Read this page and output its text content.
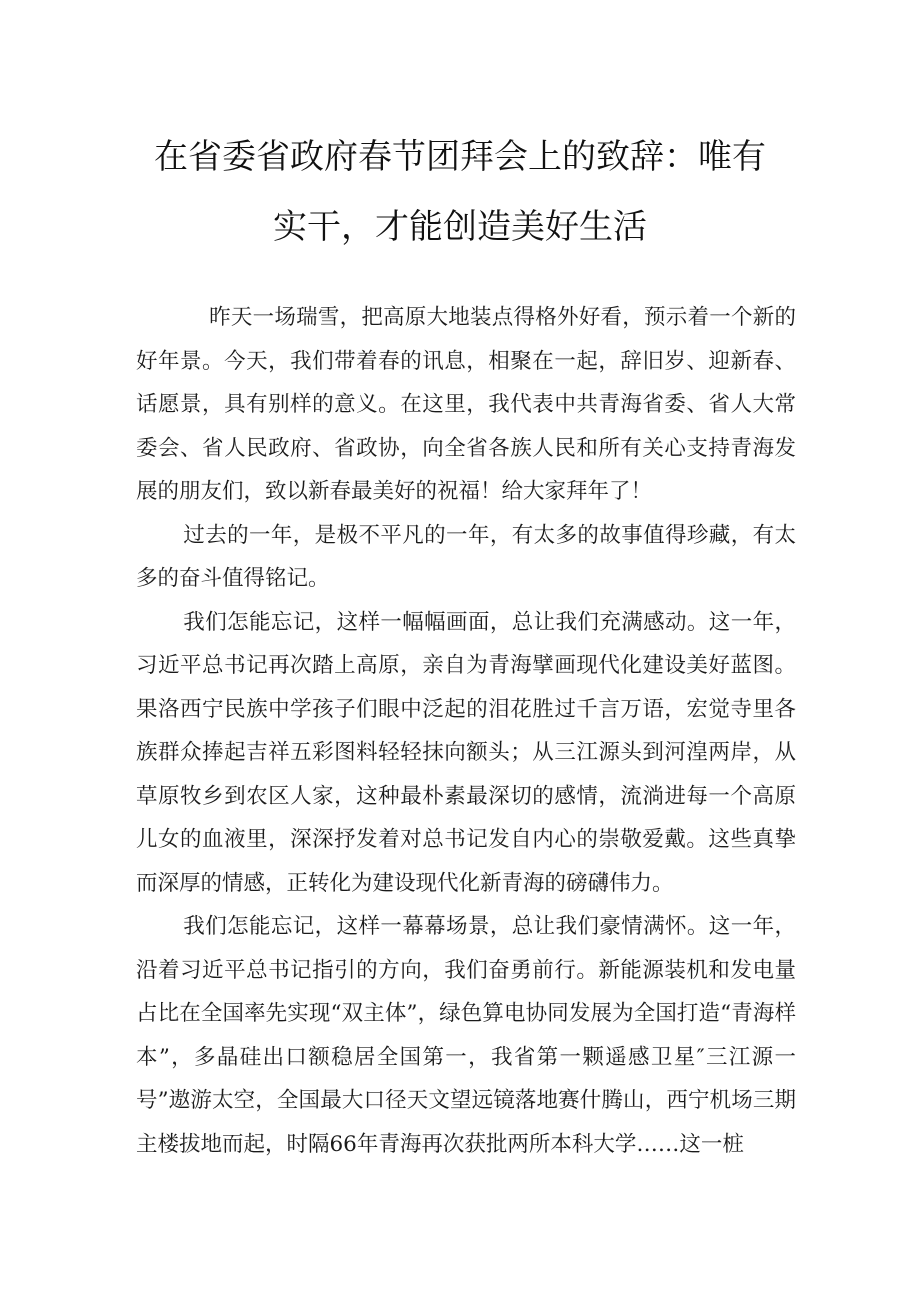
在省委省政府春节团拜会上的致辞：唯有
实干，才能创造美好生活

昨天一场瑞雪，把高原大地装点得格外好看，预示着一个新的好年景。今天，我们带着春的讯息，相聚在一起，辞旧岁、迎新春、话愿景，具有别样的意义。在这里，我代表中共青海省委、省人大常委会、省人民政府、省政协，向全省各族人民和所有关心支持青海发展的朋友们，致以新春最美好的祝福！给大家拜年了！

过去的一年，是极不平凡的一年，有太多的故事值得珍藏，有太多的奋斗值得铭记。

我们怎能忘记，这样一幅幅画面，总让我们充满感动。这一年，习近平总书记再次踏上高原，亲自为青海擘画现代化建设美好蓝图。果洛西宁民族中学孩子们眼中泛起的泪花胜过千言万语，宏觉寺里各族群众捧起吉祥五彩图料轻轻抹向额头；从三江源头到河湟两岸，从草原牧乡到农区人家，这种最朴素最深切的感情，流淌进每一个高原儿女的血液里，深深抒发着对总书记发自内心的崇敬爱戴。这些真挚而深厚的情感，正转化为建设现代化新青海的磅礴伟力。

我们怎能忘记，这样一幕幕场景，总让我们豪情满怀。这一年，沿着习近平总书记指引的方向，我们奋勇前行。新能源装机和发电量占比在全国率先实现“双主体”，绿色算电协同发展为全国打造“青海样本”，多晶硅出口额稳居全国第一，我省第一颗遥感卫星″三江源一号”遨游太空，全国最大口径天文望远镜落地赛什腾山，西宁机场三期主楼拔地而起，时隔66年青海再次获批两所本科大学……这一桩
